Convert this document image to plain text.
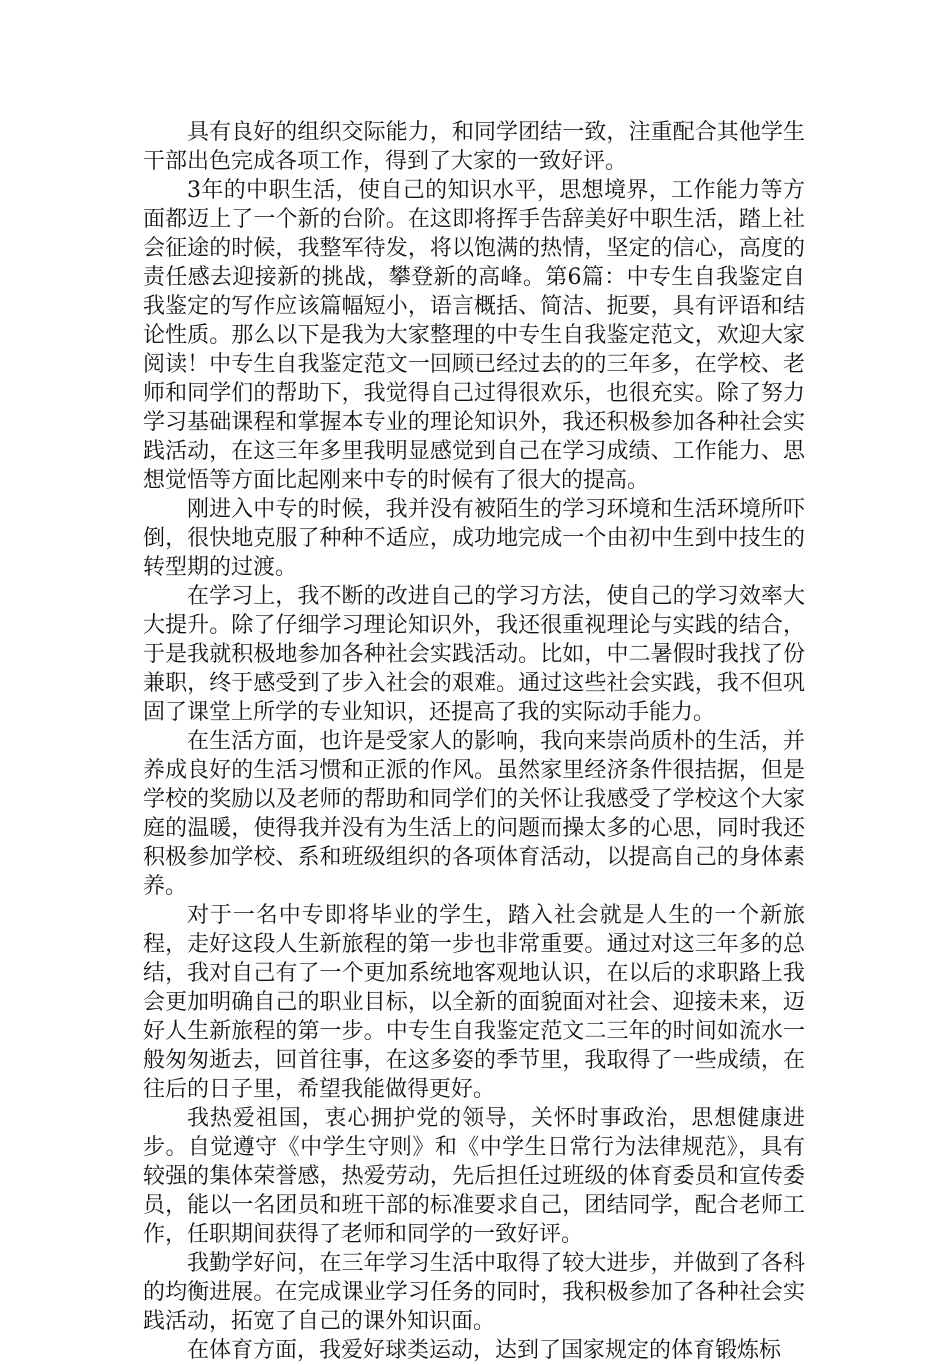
具有良好的组织交际能力，和同学团结一致，注重配合其他学生干部出色完成各项工作，得到了大家的一致好评。

3年的中职生活，使自己的知识水平，思想境界，工作能力等方面都迈上了一个新的台阶。在这即将挥手告辞美好中职生活，踏上社会征途的时候，我整军待发，将以饱满的热情，坚定的信心，高度的责任感去迎接新的挑战，攀登新的高峰。第6篇：中专生自我鉴定自我鉴定的写作应该篇幅短小，语言概括、简洁、扼要，具有评语和结论性质。那么以下是我为大家整理的中专生自我鉴定范文，欢迎大家阅读！中专生自我鉴定范文一回顾已经过去的的三年多，在学校、老师和同学们的帮助下，我觉得自己过得很欢乐，也很充实。除了努力学习基础课程和掌握本专业的理论知识外，我还积极参加各种社会实践活动，在这三年多里我明显感觉到自己在学习成绩、工作能力、思想觉悟等方面比起刚来中专的时候有了很大的提高。

刚进入中专的时候，我并没有被陌生的学习环境和生活环境所吓倒，很快地克服了种种不适应，成功地完成一个由初中生到中技生的转型期的过渡。

在学习上，我不断的改进自己的学习方法，使自己的学习效率大大提升。除了仔细学习理论知识外，我还很重视理论与实践的结合，于是我就积极地参加各种社会实践活动。比如，中二暑假时我找了份兼职，终于感受到了步入社会的艰难。通过这些社会实践，我不但巩固了课堂上所学的专业知识，还提高了我的实际动手能力。

在生活方面，也许是受家人的影响，我向来崇尚质朴的生活，并养成良好的生活习惯和正派的作风。虽然家里经济条件很拮据，但是学校的奖励以及老师的帮助和同学们的关怀让我感受了学校这个大家庭的温暖，使得我并没有为生活上的问题而操太多的心思，同时我还积极参加学校、系和班级组织的各项体育活动，以提高自己的身体素养。

对于一名中专即将毕业的学生，踏入社会就是人生的一个新旅程，走好这段人生新旅程的第一步也非常重要。通过对这三年多的总结，我对自己有了一个更加系统地客观地认识，在以后的求职路上我会更加明确自己的职业目标，以全新的面貌面对社会、迎接未来，迈好人生新旅程的第一步。中专生自我鉴定范文二三年的时间如流水一般匆匆逝去，回首往事，在这多姿的季节里，我取得了一些成绩，在往后的日子里，希望我能做得更好。

我热爱祖国，衷心拥护党的领导，关怀时事政治，思想健康进步。自觉遵守《中学生守则》和《中学生日常行为法律规范》，具有较强的集体荣誉感，热爱劳动，先后担任过班级的体育委员和宣传委员，能以一名团员和班干部的标准要求自己，团结同学，配合老师工作，任职期间获得了老师和同学的一致好评。

我勤学好问，在三年学习生活中取得了较大进步，并做到了各科的均衡进展。在完成课业学习任务的同时，我积极参加了各种社会实践活动，拓宽了自己的课外知识面。

在体育方面，我爱好球类运动，达到了国家规定的体育锻炼标
